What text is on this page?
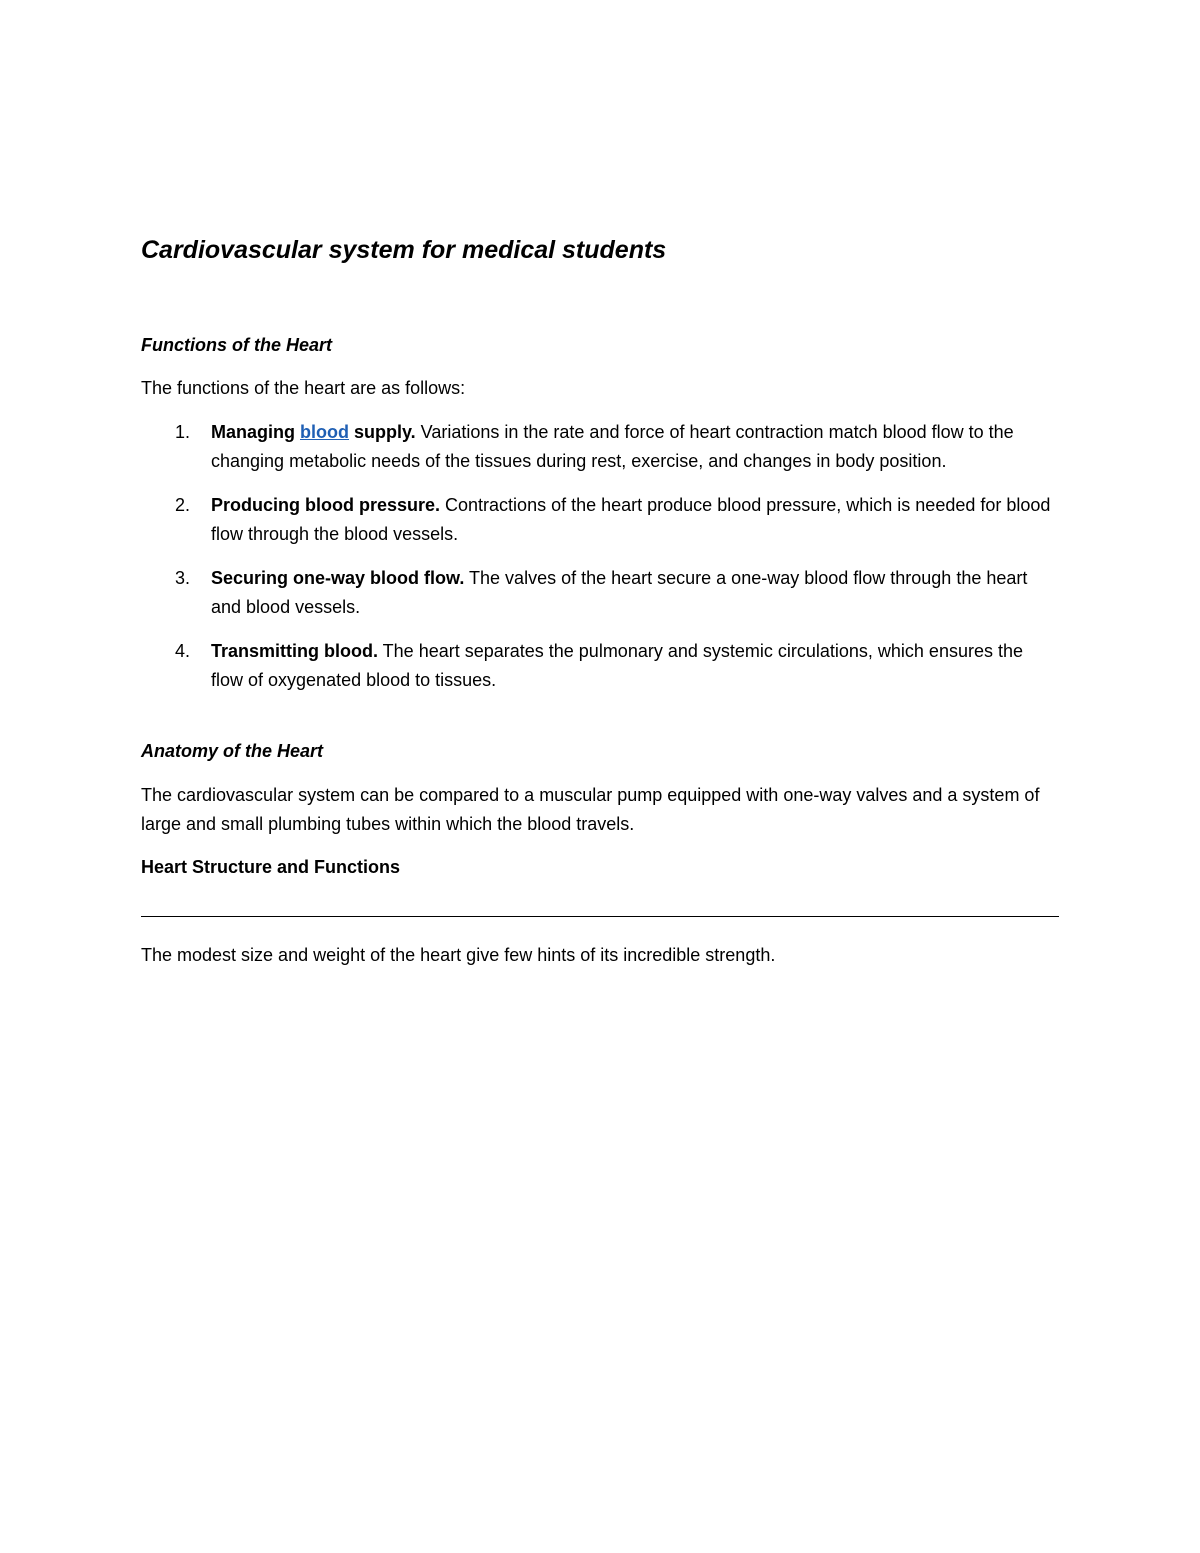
Cardiovascular system for medical students
Functions of the Heart

The functions of the heart are as follows:

1. Managing blood supply. Variations in the rate and force of heart contraction match blood flow to the changing metabolic needs of the tissues during rest, exercise, and changes in body position.
2. Producing blood pressure. Contractions of the heart produce blood pressure, which is needed for blood flow through the blood vessels.
3. Securing one-way blood flow. The valves of the heart secure a one-way blood flow through the heart and blood vessels.
4. Transmitting blood. The heart separates the pulmonary and systemic circulations, which ensures the flow of oxygenated blood to tissues.
Anatomy of the Heart

The cardiovascular system can be compared to a muscular pump equipped with one-way valves and a system of large and small plumbing tubes within which the blood travels.

Heart Structure and Functions

The modest size and weight of the heart give few hints of its incredible strength.
